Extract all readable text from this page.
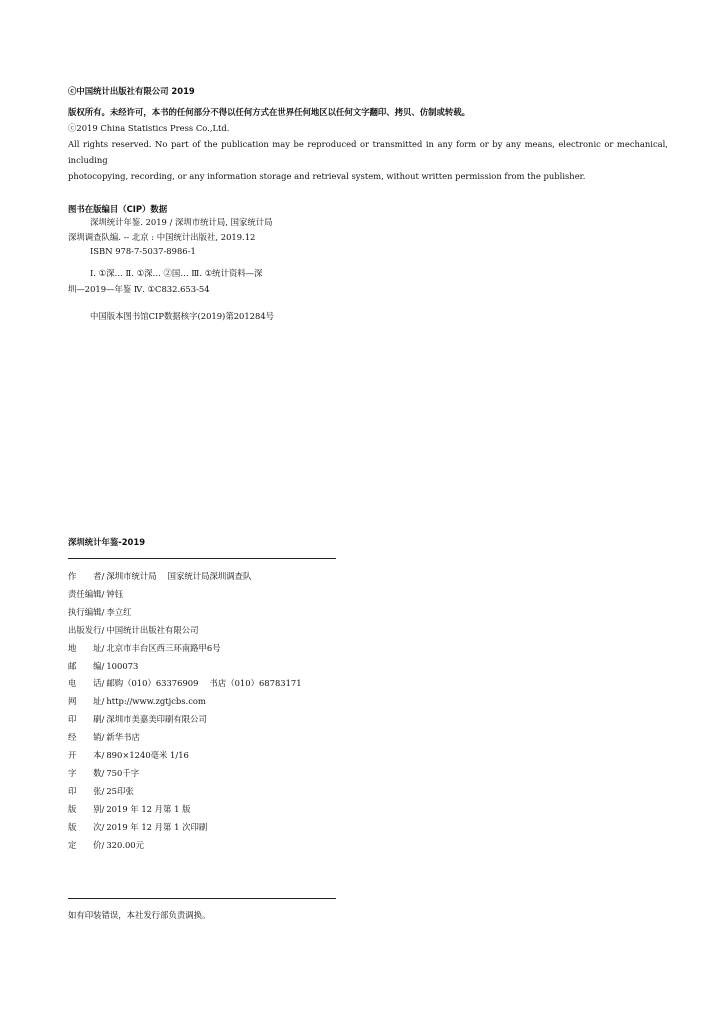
ⓒ中国统计出版社有限公司 2019
版权所有。未经许可，本书的任何部分不得以任何方式在世界任何地区以任何文字翻印、拷贝、仿制或转载。
ⓒ2019 China Statistics Press Co.,Ltd.
All rights reserved. No part of the publication may be reproduced or transmitted in any form or by any means, electronic or mechanical, including
photocopying, recording, or any information storage and retrieval system, without written permission from the publisher.
图书在版编目（CIP）数据
深圳统计年鉴. 2019 / 深圳市统计局, 国家统计局
深圳调查队编. -- 北京 : 中国统计出版社, 2019.12
ISBN 978-7-5037-8986-1
Ⅰ. ①深… Ⅱ. ①深… ②国… Ⅲ. ①统计资料—深
圳—2019—年鉴 Ⅳ. ①C832.653-54
中国版本图书馆CIP数据核字(2019)第201284号
深圳统计年鉴-2019
作　　者/ 深圳市统计局　 国家统计局深圳调查队
责任编辑/ 钟钰
执行编辑/ 李立红
出版发行/ 中国统计出版社有限公司
地　　址/ 北京市丰台区西三环南路甲6号
邮　　编/ 100073
电　　话/ 邮购（010）63376909　 书店（010）68783171
网　　址/ http://www.zgtjcbs.com
印　　刷/ 深圳市美嘉美印刷有限公司
经　　销/ 新华书店
开　　本/ 890×1240毫米 1/16
字　　数/ 750千字
印　　张/ 25印张
版　　别/ 2019 年 12 月第 1 版
版　　次/ 2019 年 12 月第 1 次印刷
定　　价/ 320.00元
如有印装错误，本社发行部负责调换。
